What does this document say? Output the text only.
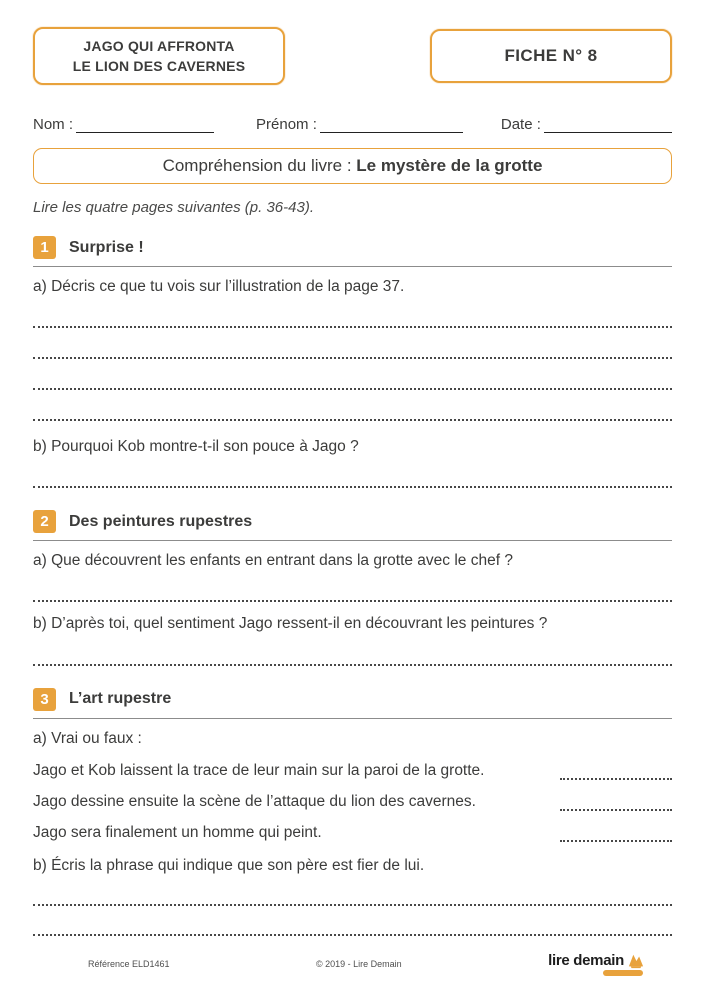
JAGO QUI AFFRONTA
LE LION DES CAVERNES
FICHE N° 8
Nom :	Prénom :	Date :
Compréhension du livre : Le mystère de la grotte
Lire les quatre pages suivantes (p. 36-43).
1	Surprise !
a) Décris ce que tu vois sur l’illustration de la page 37.
b) Pourquoi Kob montre-t-il son pouce à Jago ?
2	Des peintures rupestres
a) Que découvrent les enfants en entrant dans la grotte avec le chef ?
b) D’après toi, quel sentiment Jago ressent-il en découvrant les peintures ?
3	L’art rupestre
a) Vrai ou faux :
Jago et Kob laissent la trace de leur main sur la paroi de la grotte.
Jago dessine ensuite la scène de l’attaque du lion des cavernes.
Jago sera finalement un homme qui peint.
b) Écris la phrase qui indique que son père est fier de lui.
Référence ELD1461	© 2019 - Lire Demain	lire demain
